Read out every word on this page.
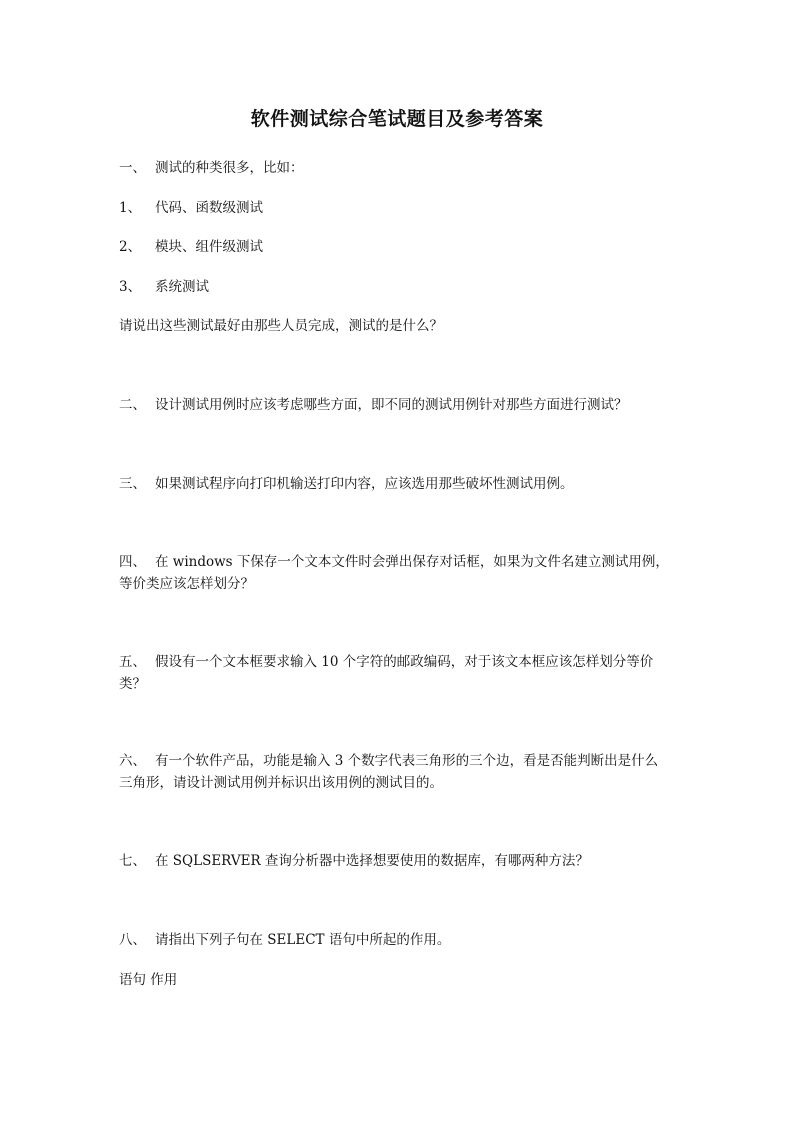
软件测试综合笔试题目及参考答案
一、 测试的种类很多，比如：
1、 代码、函数级测试
2、 模块、组件级测试
3、 系统测试
请说出这些测试最好由那些人员完成，测试的是什么？
二、 设计测试用例时应该考虑哪些方面，即不同的测试用例针对那些方面进行测试？
三、 如果测试程序向打印机输送打印内容，应该选用那些破坏性测试用例。
四、 在 windows 下保存一个文本文件时会弹出保存对话框，如果为文件名建立测试用例，
等价类应该怎样划分？
五、 假设有一个文本框要求输入 10 个字符的邮政编码，对于该文本框应该怎样划分等价
类？
六、 有一个软件产品，功能是输入 3 个数字代表三角形的三个边，看是否能判断出是什么
三角形，请设计测试用例并标识出该用例的测试目的。
七、 在 SQLSERVER 查询分析器中选择想要使用的数据库，有哪两种方法？
八、 请指出下列子句在 SELECT 语句中所起的作用。
语句 作用
